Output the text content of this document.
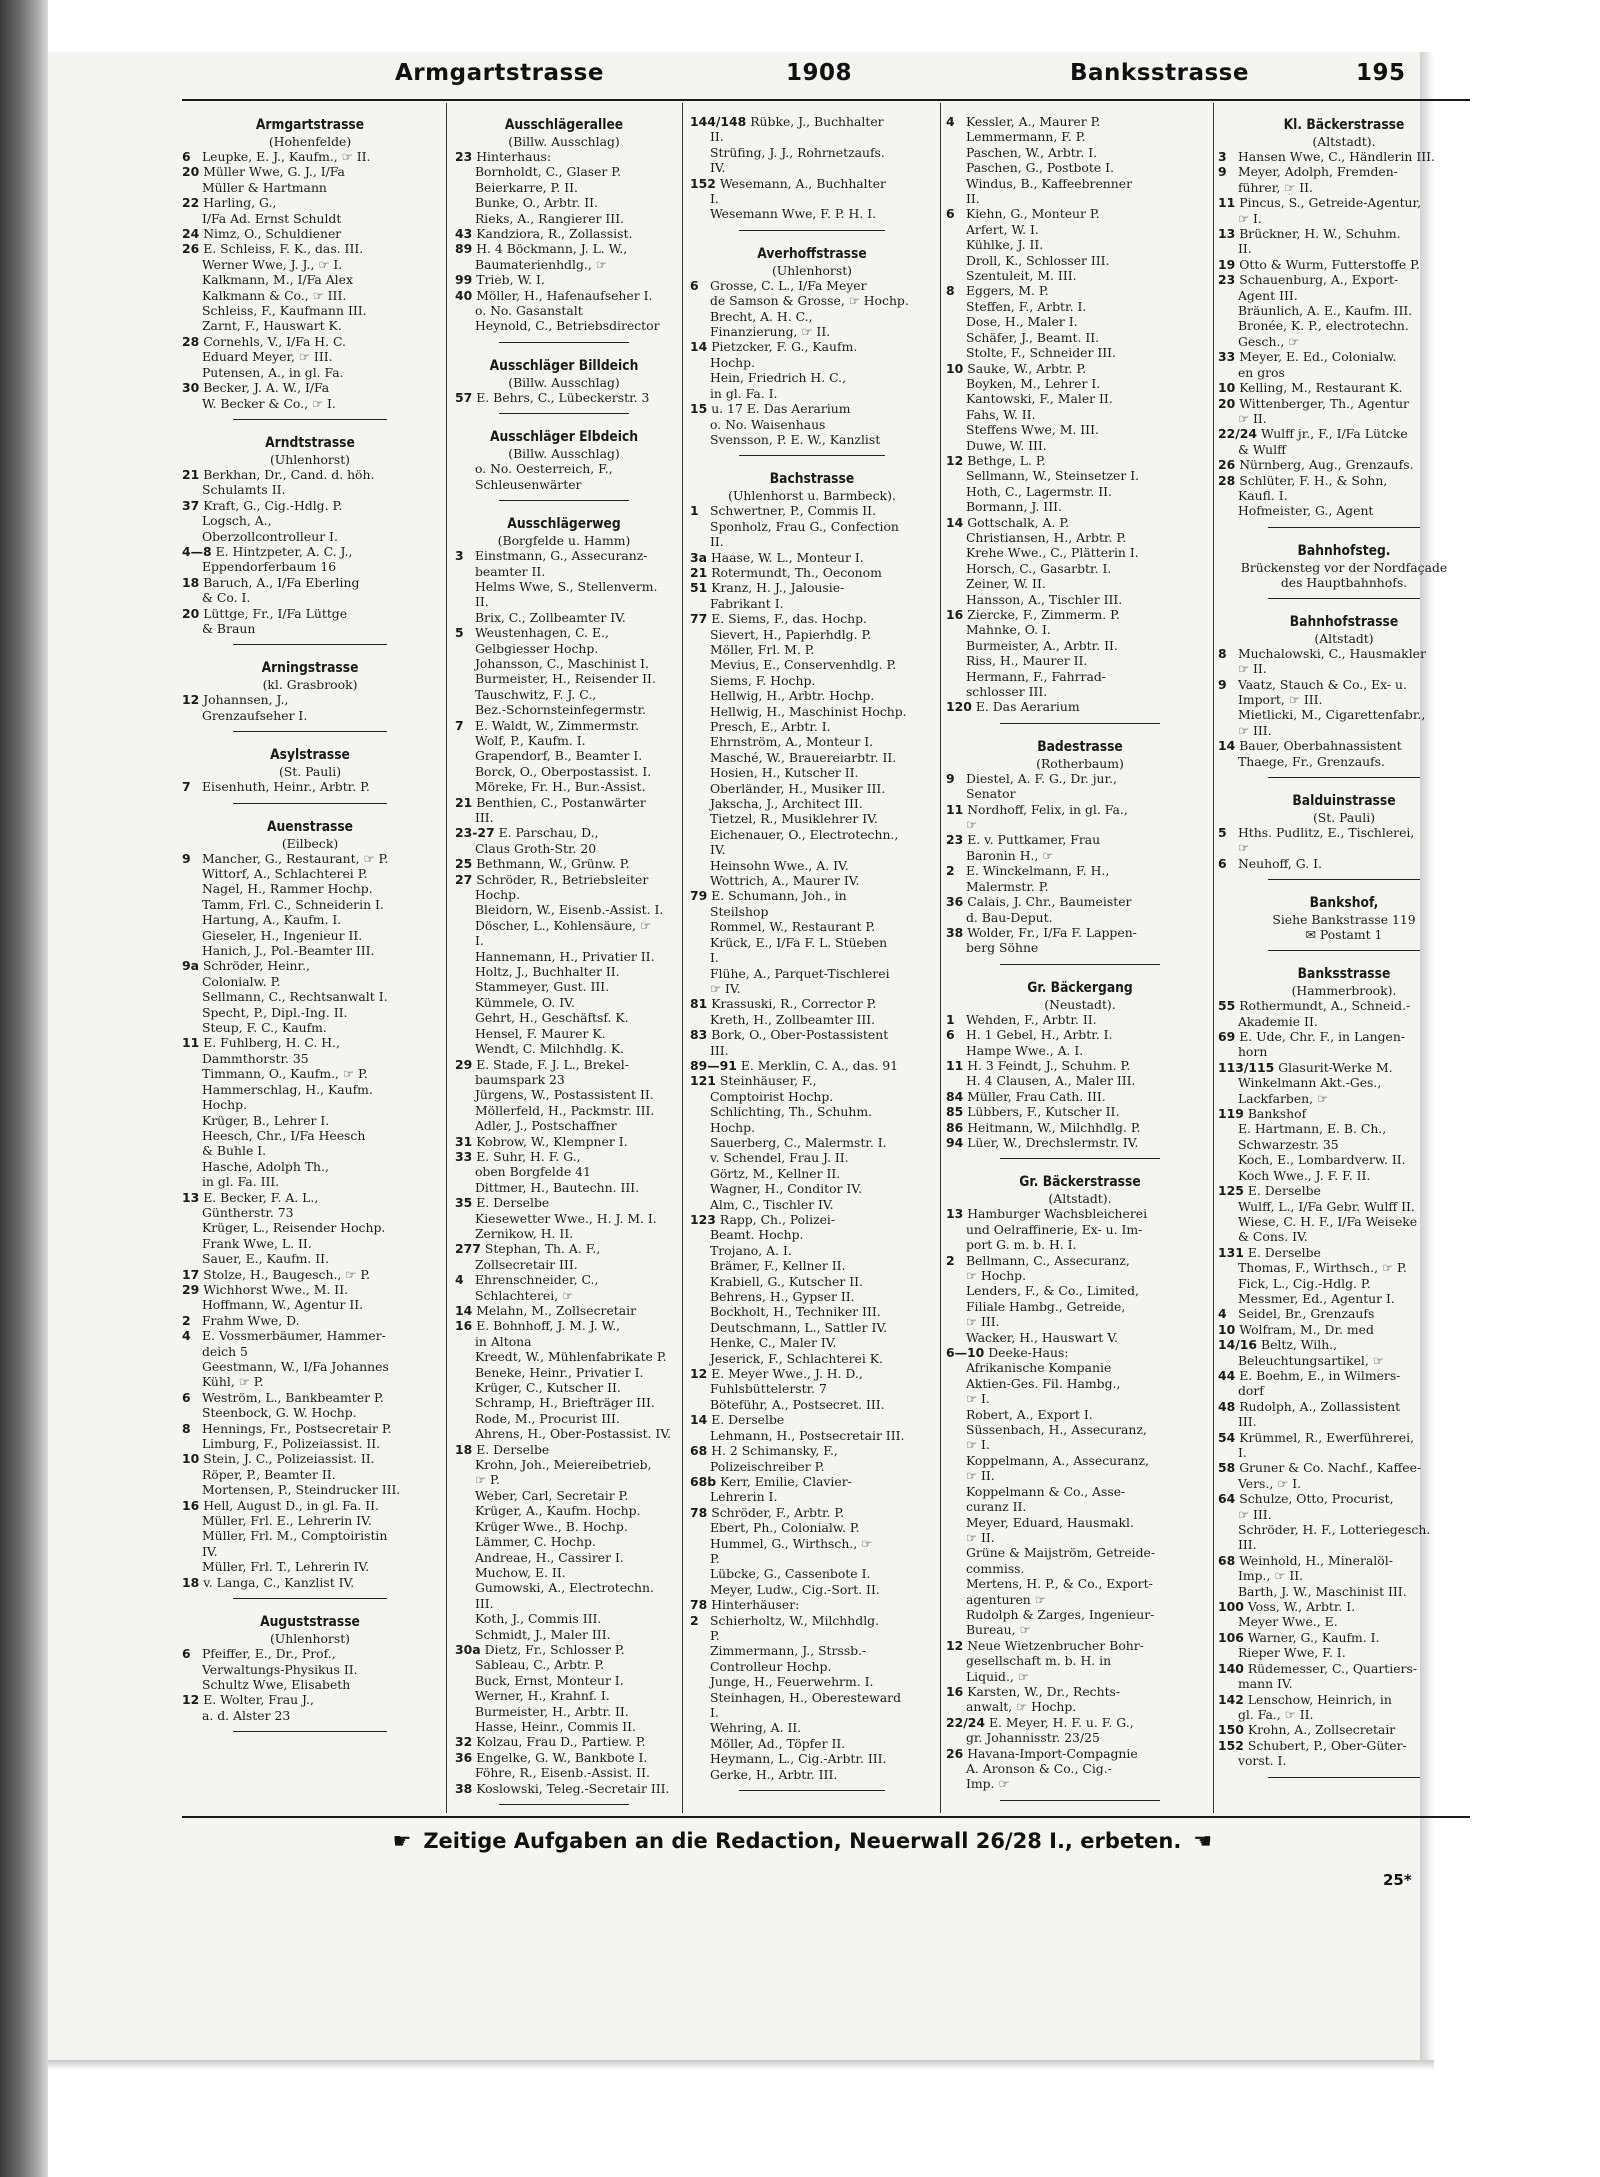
Armgartstrasse	1908	Banksstrasse	195
Armgartstrasse
(Hohenfelde)
6 Leupke, E. J., Kaufm., ☞ II.
20 Müller Wwe, G. J., I/Fa
Müller & Hartmann
22 Harling, G.,
I/Fa Ad. Ernst Schuldt
24 Nimz, O., Schuldiener
26 E. Schleiss, F. K., das. III.
Werner Wwe, J. J., ☞ I.
Kalkmann, M., I/Fa Alex
Kalkmann & Co., ☞ III.
Schleiss, F., Kaufmann III.
Zarnt, F., Hauswart K.
28 Cornehls, V., I/Fa H. C.
Eduard Meyer, ☞ III.
Putensen, A., in gl. Fa.
30 Becker, J. A. W., I/Fa
W. Becker & Co., ☞ I.
Arndtstrasse
(Uhlenhorst)
21 Berkhan, Dr., Cand. d. höh.
Schulamts II.
37 Kraft, G., Cig.-Hdlg. P.
Logsch, A.,
Oberzollcontrolleur I.
4—8 E. Hintzpeter, A. C. J.,
Eppendorferbaum 16
18 Baruch, A., I/Fa Eberling
& Co. I.
20 Lüttge, Fr., I/Fa Lüttge
& Braun
Arningstrasse
(kl. Grasbrook)
12 Johannsen, J.,
Grenzaufseher I.
Asylstrasse
(St. Pauli)
7 Eisenhuth, Heinr., Arbtr. P.
Auenstrasse
(Eilbeck)
9 Mancher, G., Restaurant, ☞ P.
Wittorf, A., Schlachterei P.
Nagel, H., Rammer Hochp.
Tamm, Frl. C., Schneiderin I.
Hartung, A., Kaufm. I.
Gieseler, H., Ingenieur II.
Hanich, J., Pol.-Beamter III.
9a Schröder, Heinr.,
Colonialw. P.
Sellmann, C., Rechtsanwalt I.
Specht, P., Dipl.-Ing. II.
Steup, F. C., Kaufm.
11 E. Fuhlberg, H. C. H.,
Dammthorstr. 35
Timmann, O., Kaufm., ☞ P.
Hammerschlag, H., Kaufm.
Hochp.
Krüger, B., Lehrer I.
Heesch, Chr., I/Fa Heesch
& Buhle I.
Hasche, Adolph Th.,
in gl. Fa. III.
13 E. Becker, F. A. L.,
Güntherstr. 73
Krüger, L., Reisender Hochp.
Frank Wwe, L. II.
Sauer, E., Kaufm. II.
17 Stolze, H., Baugesch., ☞ P.
29 Wichhorst Wwe., M. II.
Hoffmann, W., Agentur II.
2 Frahm Wwe, D.
4 E. Vossmerbäumer, Hammer-
deich 5
Geestmann, W., I/Fa Johannes
Kühl, ☞ P.
6 Weström, L., Bankbeamter P.
Steenbock, G. W. Hochp.
8 Hennings, Fr., Postsecretair P.
Limburg, F., Polizeiassist. II.
10 Stein, J. C., Polizeiassist. II.
Röper, P., Beamter II.
Mortensen, P., Steindrucker III.
16 Hell, August D., in gl. Fa. II.
Müller, Frl. E., Lehrerin IV.
Müller, Frl. M., Comptoiristin
IV.
Müller, Frl. T., Lehrerin IV.
18 v. Langa, C., Kanzlist IV.
Auguststrasse
(Uhlenhorst)
6 Pfeiffer, E., Dr., Prof.,
Verwaltungs-Physikus II.
Schultz Wwe, Elisabeth
12 E. Wolter, Frau J.,
a. d. Alster 23
Ausschlägerallee
(Billw. Ausschlag)
23 Hinterhaus:
Bornholdt, C., Glaser P.
Beierkarre, P. II.
Bunke, O., Arbtr. II.
Rieks, A., Rangierer III.
43 Kandziora, R., Zollassist.
89 H. 4 Böckmann, J. L. W.,
Baumaterienhdlg., ☞
99 Trieb, W. I.
40 Möller, H., Hafenaufseher I.
o. No. Gasanstalt
Heynold, C., Betriebsdirector
Ausschläger Billdeich
(Billw. Ausschlag)
57 E. Behrs, C., Lübeckerstr. 3
Ausschläger Elbdeich
(Billw. Ausschlag)
o. No. Oesterreich, F.,
Schleusenwärter
Ausschlägerweg
(Borgfelde u. Hamm)
3 Einstmann, G., Assecuranz-
beamter II.
Helms Wwe, S., Stellenverm.
II.
Brix, C., Zollbeamter IV.
5 Weustenhagen, C. E.,
Gelbgiesser Hochp.
Johansson, C., Maschinist I.
Burmeister, H., Reisender II.
Tauschwitz, F. J. C.,
Bez.-Schornsteinfegermstr.
7 E. Waldt, W., Zimmermstr.
Wolf, P., Kaufm. I.
Grapendorf, B., Beamter I.
Borck, O., Oberpostassist. I.
Möreke, Fr. H., Bur.-Assist.
21 Benthien, C., Postanwärter
III.
23-27 E. Parschau, D.,
Claus Groth-Str. 20
25 Bethmann, W., Grünw. P.
27 Schröder, R., Betriebsleiter
Hochp.
Bleidorn, W., Eisenb.-Assist. I.
Döscher, L., Kohlensäure, ☞
I.
Hannemann, H., Privatier II.
Holtz, J., Buchhalter II.
Stammeyer, Gust. III.
Kümmele, O. IV.
Gehrt, H., Geschäftsf. K.
Hensel, F. Maurer K.
Wendt, C. Milchhdlg. K.
29 E. Stade, F. J. L., Brekel-
baumspark 23
Jürgens, W., Postassistent II.
Möllerfeld, H., Packmstr. III.
Adler, J., Postschaffner
31 Kobrow, W., Klempner I.
33 E. Suhr, H. F. G.,
oben Borgfelde 41
Dittmer, H., Bautechn. III.
35 E. Derselbe
Kiesewetter Wwe., H. J. M. I.
Zernikow, H. II.
277 Stephan, Th. A. F.,
Zollsecretair III.
4 Ehrenschneider, C.,
Schlachterei, ☞
14 Melahn, M., Zollsecretair
16 E. Bohnhoff, J. M. J. W.,
in Altona
Kreedt, W., Mühlenfabrikate P.
Beneke, Heinr., Privatier I.
Krüger, C., Kutscher II.
Schramp, H., Briefträger III.
Rode, M., Procurist III.
Ahrens, H., Ober-Postassist. IV.
18 E. Derselbe
Krohn, Joh., Meiereibetrieb,
☞ P.
Weber, Carl, Secretair P.
Krüger, A., Kaufm. Hochp.
Krüger Wwe., B. Hochp.
Lämmer, C. Hochp.
Andreae, H., Cassirer I.
Muchow, E. II.
Gumowski, A., Electrotechn.
III.
Koth, J., Commis III.
Schmidt, J., Maler III.
30a Dietz, Fr., Schlosser P.
Sableau, C., Arbtr. P.
Buck, Ernst, Monteur I.
Werner, H., Krahnf. I.
Burmeister, H., Arbtr. II.
Hasse, Heinr., Commis II.
32 Kolzau, Frau D., Partiew. P.
36 Engelke, G. W., Bankbote I.
Föhre, R., Eisenb.-Assist. II.
38 Koslowski, Teleg.-Secretair III.
144/148 Rübke, J., Buchhalter
II.
Strüfing, J. J., Rohrnetzaufs.
IV.
152 Wesemann, A., Buchhalter
I.
Wesemann Wwe, F. P. H. I.
Averhoffstrasse
(Uhlenhorst)
6 Grosse, C. L., I/Fa Meyer
de Samson & Grosse, ☞ Hochp.
Brecht, A. H. C.,
Finanzierung, ☞ II.
14 Pietzcker, F. G., Kaufm.
Hochp.
Hein, Friedrich H. C.,
in gl. Fa. I.
15 u. 17 E. Das Aerarium
o. No. Waisenhaus
Svensson, P. E. W., Kanzlist
Bachstrasse
(Uhlenhorst u. Barmbeck).
1 Schwertner, P., Commis II.
Sponholz, Frau G., Confection
II.
3a Haase, W. L., Monteur I.
21 Rotermundt, Th., Oeconom
51 Kranz, H. J., Jalousie-
Fabrikant I.
77 E. Siems, F., das. Hochp.
Sievert, H., Papierhdlg. P.
Möller, Frl. M. P.
Mevius, E., Conservenhdlg. P.
Siems, F. Hochp.
Hellwig, H., Arbtr. Hochp.
Hellwig, H., Maschinist Hochp.
Presch, E., Arbtr. I.
Ehrnström, A., Monteur I.
Masché, W., Brauereiarbtr. II.
Hosien, H., Kutscher II.
Oberländer, H., Musiker III.
Jakscha, J., Architect III.
Tietzel, R., Musiklehrer IV.
Eichenauer, O., Electrotechn.,
IV.
Heinsohn Wwe., A. IV.
Wottrich, A., Maurer IV.
79 E. Schumann, Joh., in
Steilshop
Rommel, W., Restaurant P.
Krück, E., I/Fa F. L. Stüeben
I.
Flühe, A., Parquet-Tischlerei
☞ IV.
81 Krassuski, R., Corrector P.
Kreth, H., Zollbeamter III.
83 Bork, O., Ober-Postassistent
III.
89—91 E. Merklin, C. A., das. 91
121 Steinhäuser, F.,
Comptoirist Hochp.
Schlichting, Th., Schuhm.
Hochp.
Sauerberg, C., Malermstr. I.
v. Schendel, Frau J. II.
Görtz, M., Kellner II.
Wagner, H., Conditor IV.
Alm, C., Tischler IV.
123 Rapp, Ch., Polizei-
Beamt. Hochp.
Trojano, A. I.
Brämer, F., Kellner II.
Krabiell, G., Kutscher II.
Behrens, H., Gypser II.
Bockholt, H., Techniker III.
Deutschmann, L., Sattler IV.
Henke, C., Maler IV.
Jeserick, F., Schlachterei K.
12 E. Meyer Wwe., J. H. D.,
Fuhlsbüttelerstr. 7
Böteführ, A., Postsecret. III.
14 E. Derselbe
Lehmann, H., Postsecretair III.
68 H. 2 Schimansky, F.,
Polizeischreiber P.
68b Kerr, Emilie, Clavier-
Lehrerin I.
78 Schröder, F., Arbtr. P.
Ebert, Ph., Colonialw. P.
Hummel, G., Wirthsch., ☞
P.
Lübcke, G., Cassenbote I.
Meyer, Ludw., Cig.-Sort. II.
78 Hinterhäuser:
2 Schierholtz, W., Milchhdlg.
P.
Zimmermann, J., Strssb.-
Controlleur Hochp.
Junge, H., Feuerwehrm. I.
Steinhagen, H., Oberesteward
I.
Wehring, A. II.
Möller, Ad., Töpfer II.
Heymann, L., Cig.-Arbtr. III.
Gerke, H., Arbtr. III.
4 Kessler, A., Maurer P.
Lemmermann, F. P.
Paschen, W., Arbtr. I.
Paschen, G., Postbote I.
Windus, B., Kaffeebrenner
II.
6 Kiehn, G., Monteur P.
Arfert, W. I.
Kühlke, J. II.
Droll, K., Schlosser III.
Szentuleit, M. III.
8 Eggers, M. P.
Steffen, F., Arbtr. I.
Dose, H., Maler I.
Schäfer, J., Beamt. II.
Stolte, F., Schneider III.
10 Sauke, W., Arbtr. P.
Boyken, M., Lehrer I.
Kantowski, F., Maler II.
Fahs, W. II.
Steffens Wwe, M. III.
Duwe, W. III.
12 Bethge, L. P.
Sellmann, W., Steinsetzer I.
Hoth, C., Lagermstr. II.
Bormann, J. III.
14 Gottschalk, A. P.
Christiansen, H., Arbtr. P.
Krehe Wwe., C., Plätterin I.
Horsch, C., Gasarbtr. I.
Zeiner, W. II.
Hansson, A., Tischler III.
16 Ziercke, F., Zimmerm. P.
Mahnke, O. I.
Burmeister, A., Arbtr. II.
Riss, H., Maurer II.
Hermann, F., Fahrrad-
schlosser III.
120 E. Das Aerarium
Badestrasse
(Rotherbaum)
9 Diestel, A. F. G., Dr. jur.,
Senator
11 Nordhoff, Felix, in gl. Fa.,
☞
23 E. v. Puttkamer, Frau
Baronin H., ☞
2 E. Winckelmann, F. H.,
Malermstr. P.
36 Calais, J. Chr., Baumeister
d. Bau-Deput.
38 Wolder, Fr., I/Fa F. Lappen-
berg Söhne
Gr. Bäckergang
(Neustadt).
1 Wehden, F., Arbtr. II.
6 H. 1 Gebel, H., Arbtr. I.
Hampe Wwe., A. I.
11 H. 3 Feindt, J., Schuhm. P.
H. 4 Clausen, A., Maler III.
84 Müller, Frau Cath. III.
85 Lübbers, F., Kutscher II.
86 Heitmann, W., Milchhdlg. P.
94 Lüer, W., Drechslermstr. IV.
Gr. Bäckerstrasse
(Altstadt).
13 Hamburger Wachsbleicherei
und Oelraffinerie, Ex- u. Im-
port G. m. b. H. I.
2 Bellmann, C., Assecuranz,
☞ Hochp.
Lenders, F., & Co., Limited,
Filiale Hambg., Getreide,
☞ III.
Wacker, H., Hauswart V.
6—10 Deeke-Haus:
Afrikanische Kompanie
Aktien-Ges. Fil. Hambg.,
☞ I.
Robert, A., Export I.
Süssenbach, H., Assecuranz,
☞ I.
Koppelmann, A., Assecuranz,
☞ II.
Koppelmann & Co., Asse-
curanz II.
Meyer, Eduard, Hausmakl.
☞ II.
Grüne & Maijström, Getreide-
commiss.
Mertens, H. P., & Co., Export-
agenturen ☞
Rudolph & Zarges, Ingenieur-
Bureau, ☞
12 Neue Wietzenbrucher Bohr-
gesellschaft m. b. H. in
Liquid., ☞
16 Karsten, W., Dr., Rechts-
anwalt, ☞ Hochp.
22/24 E. Meyer, H. F. u. F. G.,
gr. Johannisstr. 23/25
26 Havana-Import-Compagnie
A. Aronson & Co., Cig.-
Imp. ☞
Kl. Bäckerstrasse
(Altstadt).
3 Hansen Wwe, C., Händlerin III.
9 Meyer, Adolph, Fremden-
führer, ☞ II.
11 Pincus, S., Getreide-Agentur,
☞ I.
13 Brückner, H. W., Schuhm.
II.
19 Otto & Wurm, Futterstoffe P.
23 Schauenburg, A., Export-
Agent III.
Bräunlich, A. E., Kaufm. III.
Bronée, K. P., electrotechn.
Gesch., ☞
33 Meyer, E. Ed., Colonialw.
en gros
10 Kelling, M., Restaurant K.
20 Wittenberger, Th., Agentur
☞ II.
22/24 Wulff jr., F., I/Fa Lütcke
& Wulff
26 Nürnberg, Aug., Grenzaufs.
28 Schlüter, F. H., & Sohn,
Kaufl. I.
Hofmeister, G., Agent
Bahnhofsteg.
Brückensteg vor der Nordfaçade
des Hauptbahnhofs.
Bahnhofstrasse
(Altstadt)
8 Muchalowski, C., Hausmakler
☞ II.
9 Vaatz, Stauch & Co., Ex- u.
Import, ☞ III.
Mietlicki, M., Cigarettenfabr.,
☞ III.
14 Bauer, Oberbahnassistent
Thaege, Fr., Grenzaufs.
Balduinstrasse
(St. Pauli)
5 Hths. Pudlitz, E., Tischlerei,
☞
6 Neuhoff, G. I.
Bankshof,
Siehe Bankstrasse 119
✉ Postamt 1
Banksstrasse
(Hammerbrook).
55 Rothermundt, A., Schneid.-
Akademie II.
69 E. Ude, Chr. F., in Langen-
horn
113/115 Glasurit-Werke M.
Winkelmann Akt.-Ges.,
Lackfarben, ☞
119 Bankshof
E. Hartmann, E. B. Ch.,
Schwarzestr. 35
Koch, E., Lombardverw. II.
Koch Wwe., J. F. F. II.
125 E. Derselbe
Wulff, L., I/Fa Gebr. Wulff II.
Wiese, C. H. F., I/Fa Weiseke
& Cons. IV.
131 E. Derselbe
Thomas, F., Wirthsch., ☞ P.
Fick, L., Cig.-Hdlg. P.
Messmer, Ed., Agentur I.
4 Seidel, Br., Grenzaufs
10 Wolfram, M., Dr. med
14/16 Beltz, Wilh.,
Beleuchtungsartikel, ☞
44 E. Boehm, E., in Wilmers-
dorf
48 Rudolph, A., Zollassistent
III.
54 Krümmel, R., Ewerführerei,
I.
58 Gruner & Co. Nachf., Kaffee-
Vers., ☞ I.
64 Schulze, Otto, Procurist,
☞ III.
Schröder, H. F., Lotteriegesch.
III.
68 Weinhold, H., Mineralöl-
Imp., ☞ II.
Barth, J. W., Maschinist III.
100 Voss, W., Arbtr. I.
Meyer Wwe., E.
106 Warner, G., Kaufm. I.
Rieper Wwe, F. I.
140 Rüdemesser, C., Quartiers-
mann IV.
142 Lenschow, Heinrich, in
gl. Fa., ☞ II.
150 Krohn, A., Zollsecretair
152 Schubert, P., Ober-Güter-
vorst. I.
☛ Zeitige Aufgaben an die Redaction, Neuerwall 26/28 I., erbeten. ☚
25*
